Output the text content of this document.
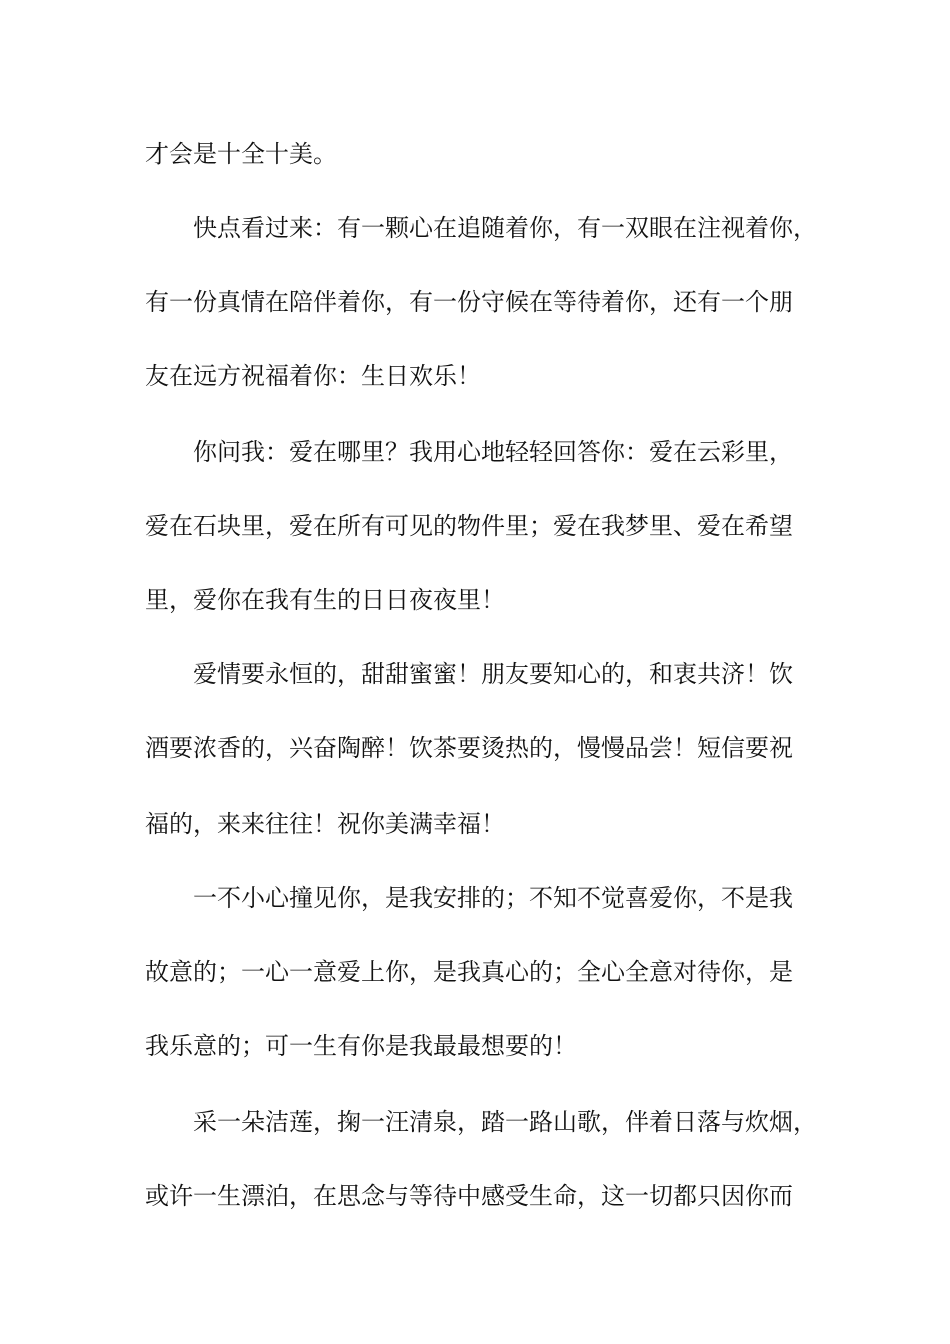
才会是十全十美。
快点看过来：有一颗心在追随着你，有一双眼在注视着你，
有一份真情在陪伴着你，有一份守候在等待着你，还有一个朋
友在远方祝福着你：生日欢乐！
你问我：爱在哪里？我用心地轻轻回答你：爱在云彩里，
爱在石块里，爱在所有可见的物件里；爱在我梦里、爱在希望
里，爱你在我有生的日日夜夜里！
爱情要永恒的，甜甜蜜蜜！朋友要知心的，和衷共济！饮
酒要浓香的，兴奋陶醉！饮茶要烫热的，慢慢品尝！短信要祝
福的，来来往往！祝你美满幸福！
一不小心撞见你，是我安排的；不知不觉喜爱你，不是我
故意的；一心一意爱上你，是我真心的；全心全意对待你，是
我乐意的；可一生有你是我最最想要的！
采一朵洁莲，掬一汪清泉，踏一路山歌，伴着日落与炊烟，
或许一生漂泊，在思念与等待中感受生命，这一切都只因你而
